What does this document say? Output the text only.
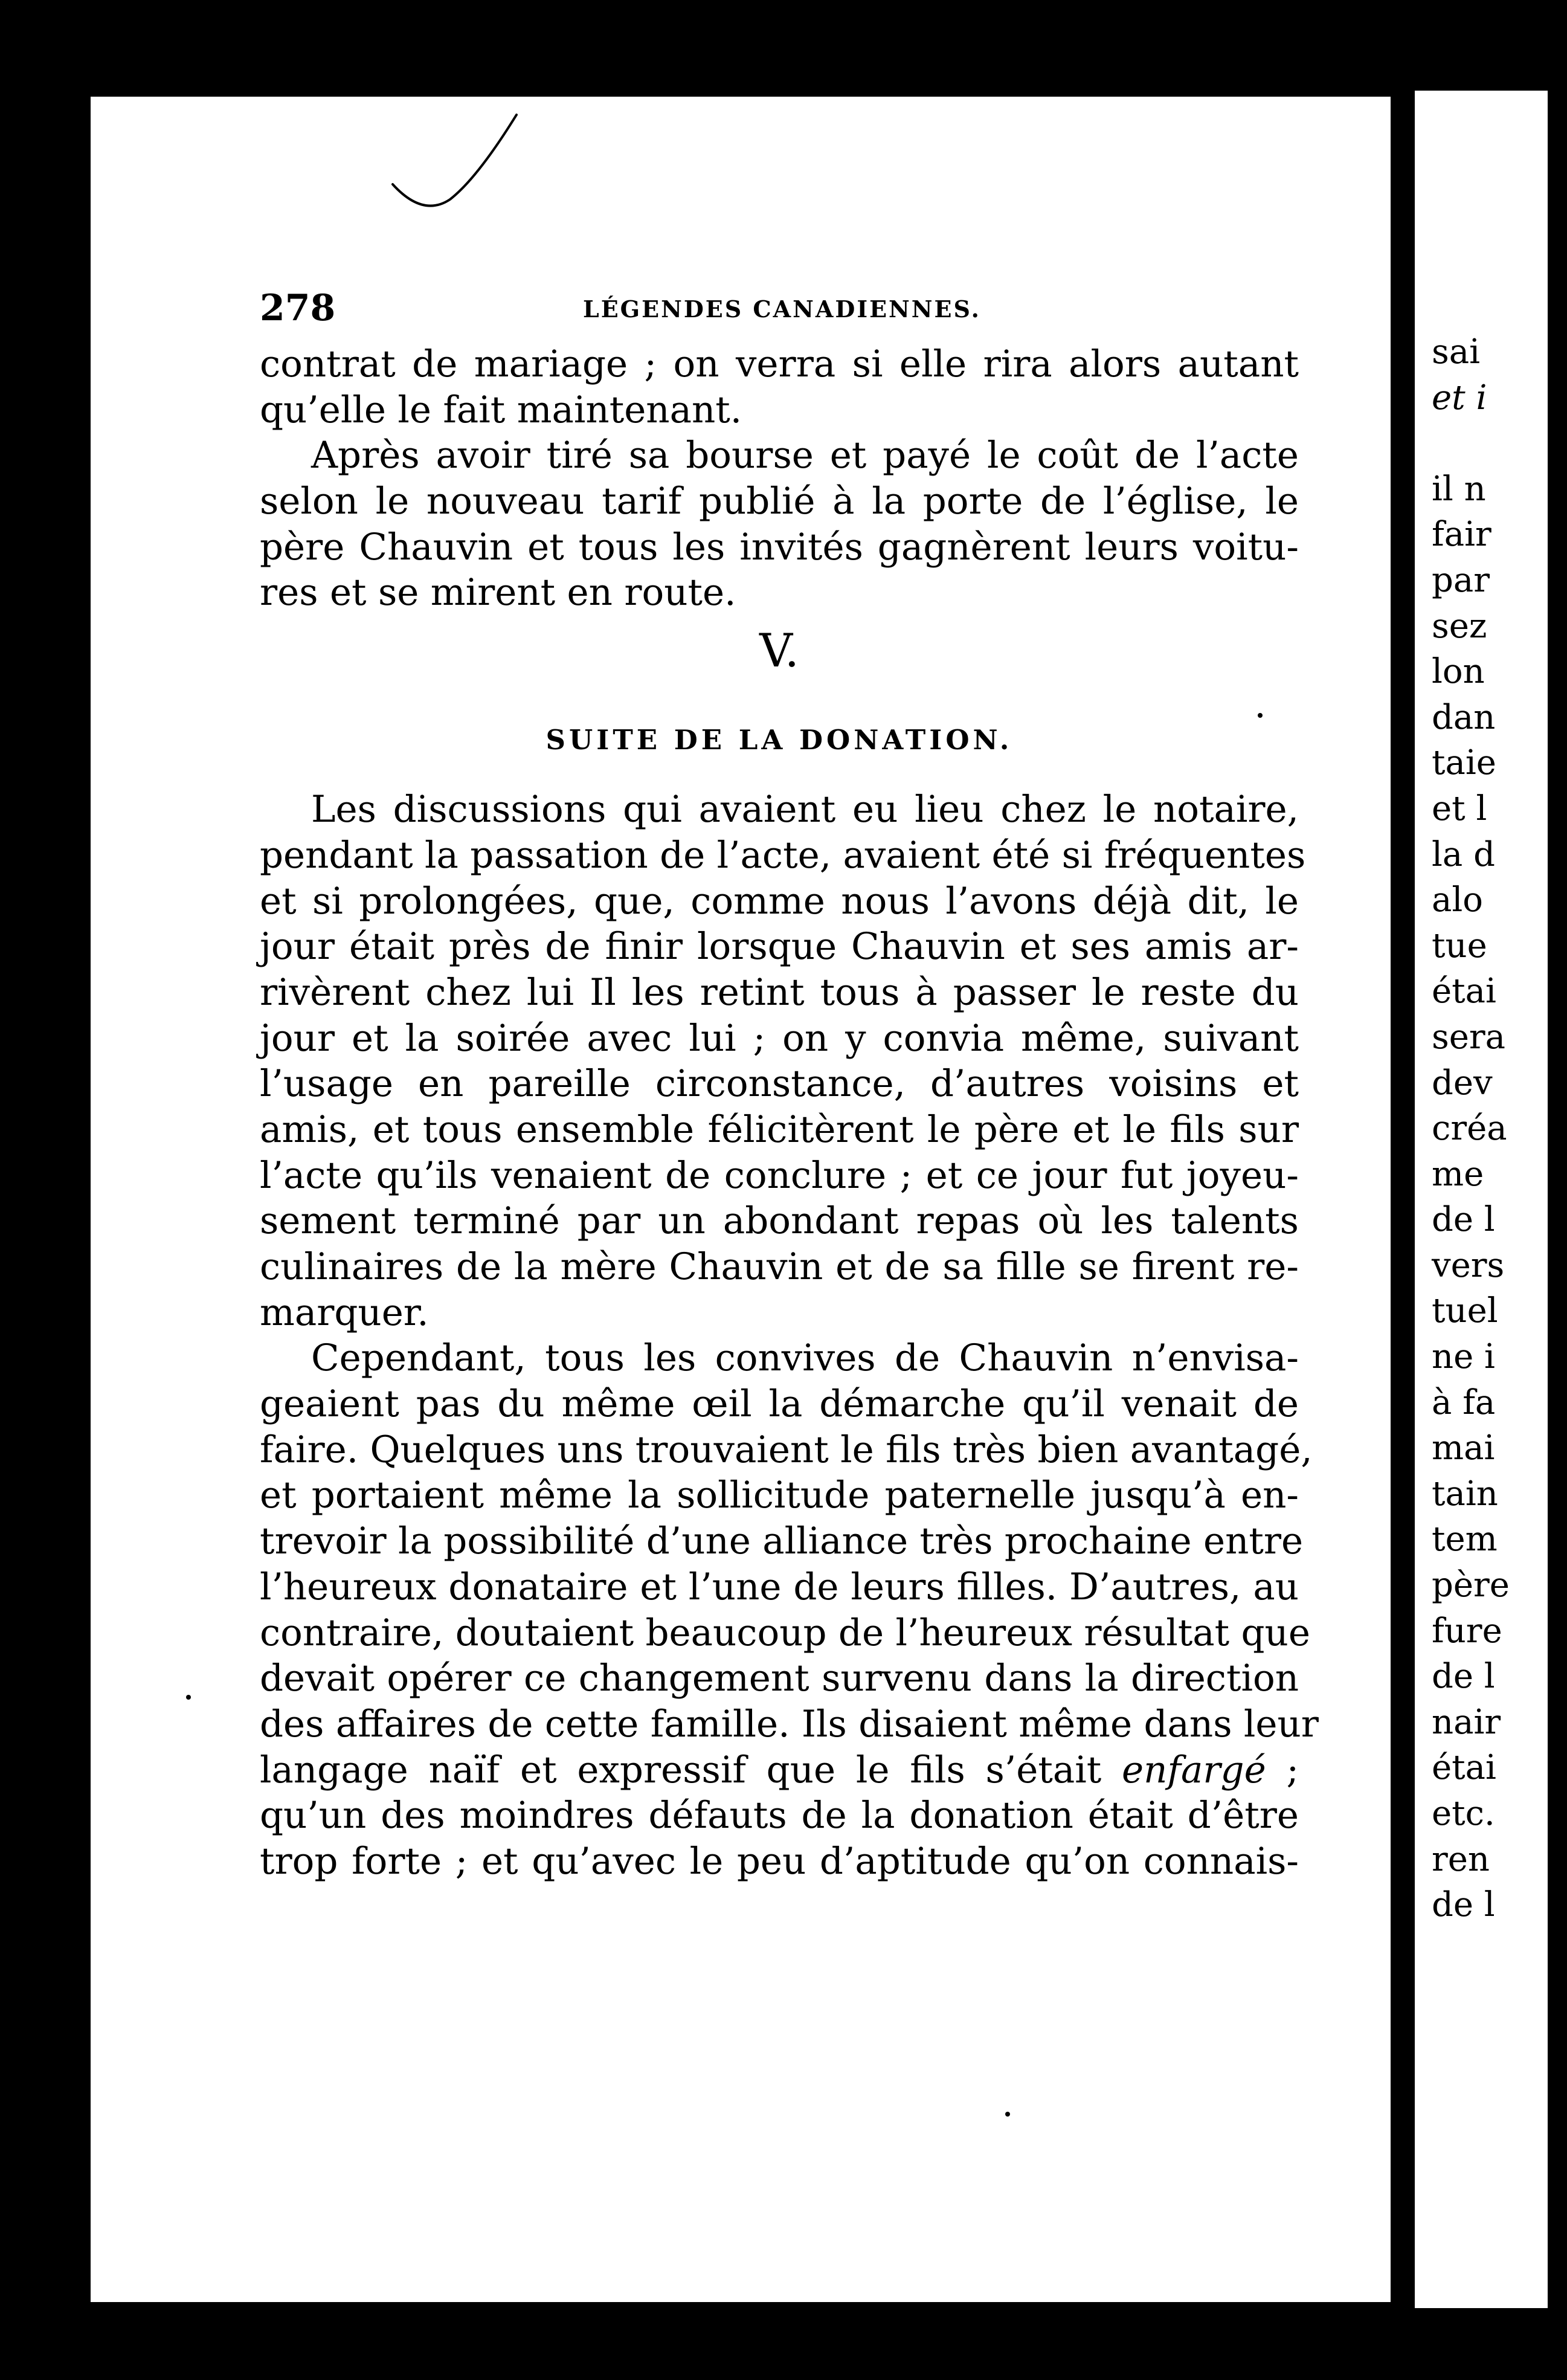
sai
et i
il n
fair
par
sez
lon
dan
taie
et l
la d
alo
tue
étai
sera
dev
créa
me
de l
vers
tuel
ne i
à fa
mai
tain
tem
père
fure
de l
nair
étai
etc.
ren
de l
278	LÉGENDES CANADIENNES.
contrat de mariage ; on verra si elle rira alors autant
qu’elle le fait maintenant.
Après avoir tiré sa bourse et payé le coût de l’acte
selon le nouveau tarif publié à la porte de l’église, le
père Chauvin et tous les invités gagnèrent leurs voitu-
res et se mirent en route.
V.
SUITE DE LA DONATION.
Les discussions qui avaient eu lieu chez le notaire,
pendant la passation de l’acte, avaient été si fréquentes
et si prolongées, que, comme nous l’avons déjà dit, le
jour était près de finir lorsque Chauvin et ses amis ar-
rivèrent chez lui Il les retint tous à passer le reste du
jour et la soirée avec lui ; on y convia même, suivant
l’usage en pareille circonstance, d’autres voisins et
amis, et tous ensemble félicitèrent le père et le fils sur
l’acte qu’ils venaient de conclure ; et ce jour fut joyeu-
sement terminé par un abondant repas où les talents
culinaires de la mère Chauvin et de sa fille se firent re-
marquer.
Cependant, tous les convives de Chauvin n’envisa-
geaient pas du même œil la démarche qu’il venait de
faire. Quelques uns trouvaient le fils très bien avantagé,
et portaient même la sollicitude paternelle jusqu’à en-
trevoir la possibilité d’une alliance très prochaine entre
l’heureux donataire et l’une de leurs filles. D’autres, au
contraire, doutaient beaucoup de l’heureux résultat que
devait opérer ce changement survenu dans la direction
des affaires de cette famille. Ils disaient même dans leur
langage naïf et expressif que le fils s’était enfargé ;
qu’un des moindres défauts de la donation était d’être
trop forte ; et qu’avec le peu d’aptitude qu’on connais-
